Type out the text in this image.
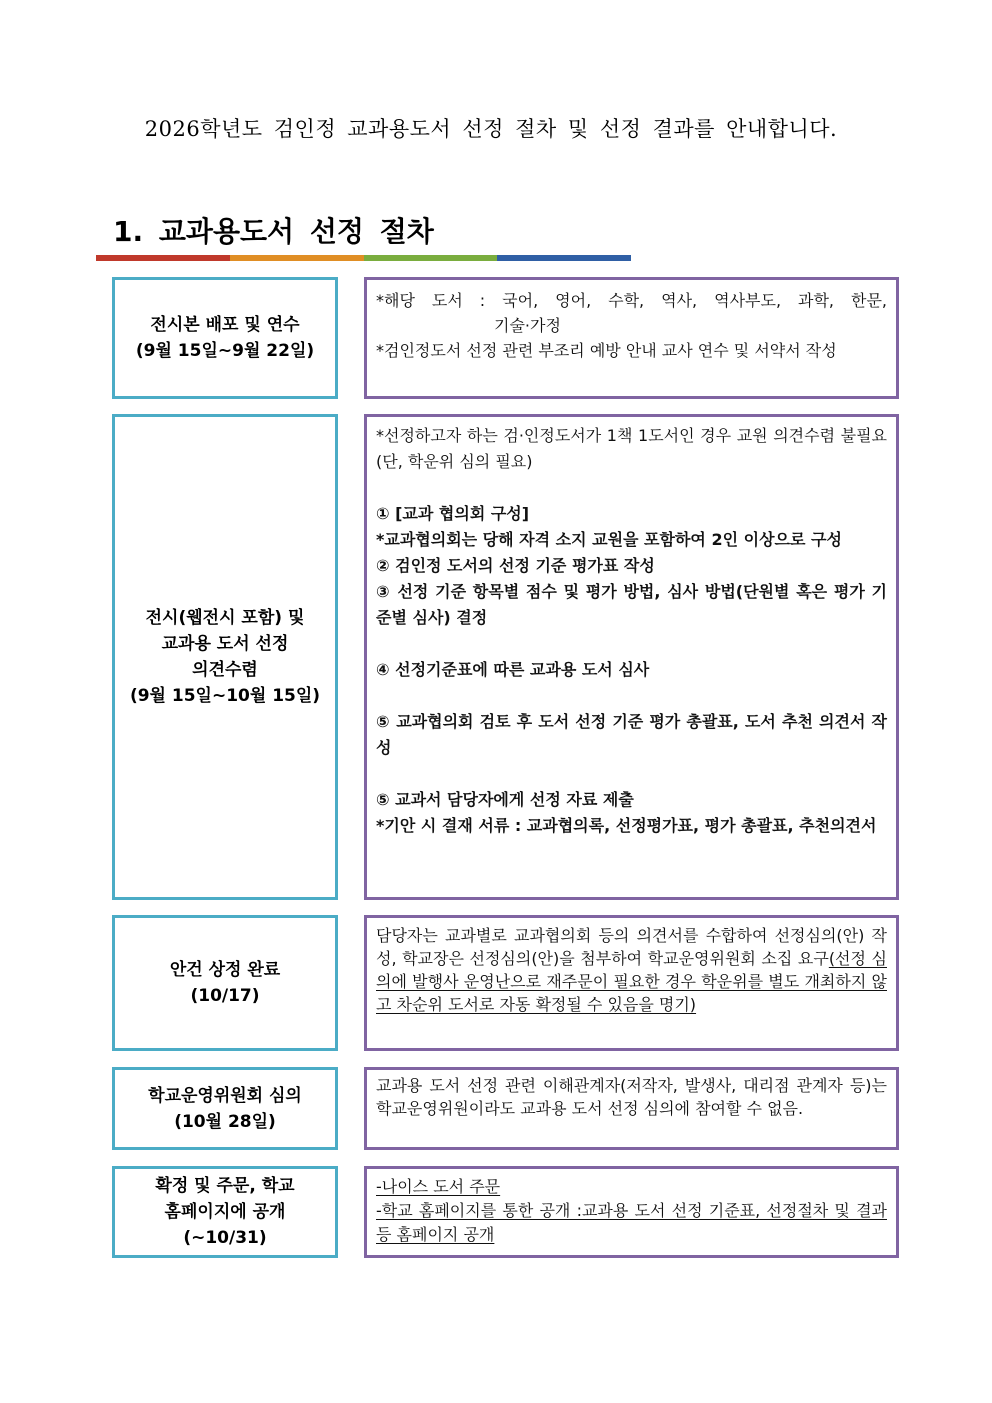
2026학년도 검인정 교과용도서 선정 절차 및 선정 결과를 안내합니다.
1. 교과용도서 선정 절차
전시본 배포 및 연수
(9월 15일~9월 22일)

*해당 도서 : 국어, 영어, 수학, 역사, 역사부도, 과학, 한문,

기술·가정

*검인정도서 선정 관련 부조리 예방 안내 교사 연수 및 서약서 작성

전시(웹전시 포함) 및
교과용 도서 선정
의견수렴
(9월 15일~10월 15일)

*선정하고자 하는 검·인정도서가 1책 1도서인 경우 교원 의견수렴 불필요(단, 학운위 심의 필요)

① [교과 협의회 구성]

*교과협의회는 당해 자격 소지 교원을 포함하여 2인 이상으로 구성

② 검인정 도서의 선정 기준 평가표 작성

③ 선정 기준 항목별 점수 및 평가 방법, 심사 방법(단원별 혹은 평가 기준별 심사) 결정

④ 선정기준표에 따른 교과용 도서 심사

⑤ 교과협의회 검토 후 도서 선정 기준 평가 총괄표, 도서 추천 의견서 작성

⑤ 교과서 담당자에게 선정 자료 제출

*기안 시 결재 서류 : 교과협의록, 선정평가표, 평가 총괄표, 추천의견서

안건 상정 완료
(10/17)

담당자는 교과별로 교과협의회 등의 의견서를 수합하여 선정심의(안) 작성, 학교장은 선정심의(안)을 첨부하여 학교운영위원회 소집 요구(선정 심의에 발행사 운영난으로 재주문이 필요한 경우 학운위를 별도 개최하지 않고 차순위 도서로 자동 확정될 수 있음을 명기)

학교운영위원회 심의
(10월 28일)

교과용 도서 선정 관련 이해관계자(저작자, 발생사, 대리점 관계자 등)는 학교운영위원이라도 교과용 도서 선정 심의에 참여할 수 없음.

확정 및 주문, 학교
홈페이지에 공개
(~10/31)

-나이스 도서 주문

-학교 홈페이지를 통한 공개 :교과용 도서 선정 기준표, 선정절차 및 결과 등 홈페이지 공개
